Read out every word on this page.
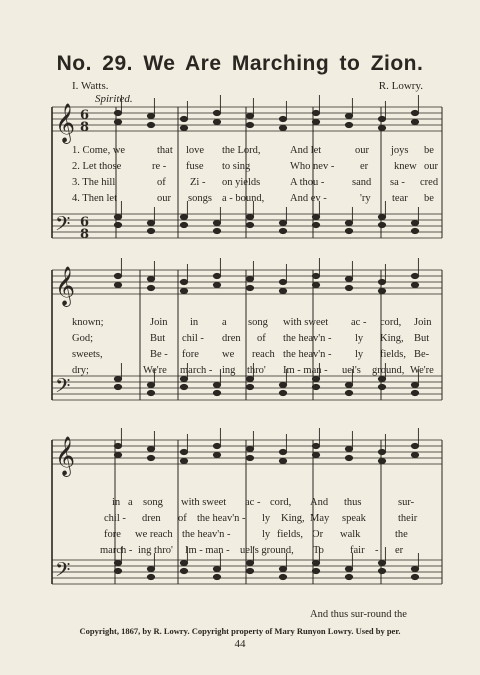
No. 29. We Are Marching to Zion.
I. Watts.	R. Lowry.
Spirited.
𝄞
𝄢
6
8
6
8
𝄞
𝄢
𝄞
𝄢
1. Come, we	that love the Lord,	And let	our joys be
2. Let those	re - fuse to sing	Who nev - er knew our
3. The hill	of Zi - on yields	A thou -	sand sa - cred
4. Then let	our songs a - bound, And ev -	'ry tear be
known;	Join in a song with sweet ac - cord, Join
God;	But chil - dren of the heav'n - ly King, But
sweets,	Be - fore we reach the heav'n - ly fields, Be-
dry;	We're march - ing thro' Im - man - uel's ground, We're
in a song with sweet ac - cord, And thus	sur-
chil - dren of the heav'n - ly King, May speak	their
fore we reach the heav'n -	ly fields, Or walk	the
march - ing thro' Im - man - uel's ground, To fair - er
And thus sur-round the
Copyright, 1867, by R. Lowry. Copyright property of Mary Runyon Lowry. Used by per.
44
